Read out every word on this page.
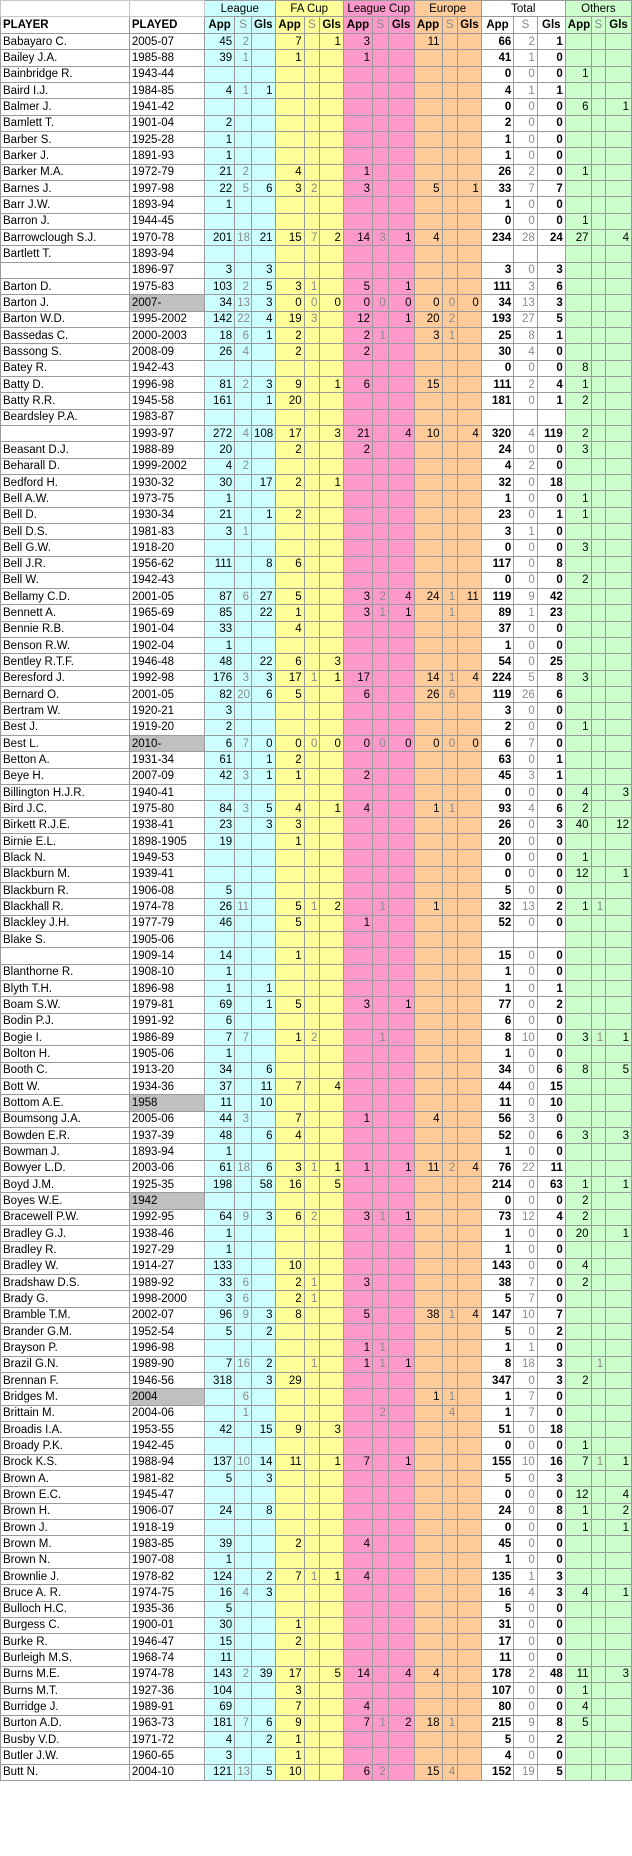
		League			FA Cup			League Cup			Europe			Total			Others		
PLAYER	PLAYED	App	S	Gls	App	S	Gls	App	S	Gls	App	S	Gls	App	S	Gls	App	S	Gls
Babayaro C.	2005-07	45	2		7		1	3			11			66	2	1			
Bailey J.A.	1985-88	39	1		1			1						41	1	0			
Bainbridge R.	1943-44													0	0	0	1		
Baird I.J.	1984-85	4	1	1										4	1	1			
Balmer J.	1941-42													0	0	0	6		1
Bamlett T.	1901-04	2												2	0	0			
Barber S.	1925-28	1												1	0	0			
Barker J.	1891-93	1												1	0	0			
Barker M.A.	1972-79	21	2		4			1						26	2	0	1		
Barnes J.	1997-98	22	5	6	3	2		3			5		1	33	7	7			
Barr J.W.	1893-94	1												1	0	0			
Barron J.	1944-45													0	0	0	1		
Barrowclough S.J.	1970-78	201	18	21	15	7	2	14	3	1	4			234	28	24	27		4
Bartlett T.	1893-94																		
	1896-97	3		3										3	0	3			
Barton D.	1975-83	103	2	5	3	1		5		1				111	3	6			
Barton J.	2007-	34	13	3	0	0	0	0	0	0	0	0	0	34	13	3			
Barton W.D.	1995-2002	142	22	4	19	3		12		1	20	2		193	27	5			
Bassedas C.	2000-2003	18	6	1	2			2	1		3	1		25	8	1			
Bassong S.	2008-09	26	4		2			2						30	4	0			
Batey R.	1942-43													0	0	0	8		
Batty D.	1996-98	81	2	3	9		1	6			15			111	2	4	1		
Batty R.R.	1945-58	161		1	20									181	0	1	2		
Beardsley P.A.	1983-87																		
	1993-97	272	4	108	17		3	21		4	10		4	320	4	119	2		
Beasant D.J.	1988-89	20			2			2						24	0	0	3		
Beharall D.	1999-2002	4	2											4	2	0			
Bedford H.	1930-32	30		17	2		1							32	0	18			
Bell A.W.	1973-75	1												1	0	0	1		
Bell D.	1930-34	21		1	2									23	0	1	1		
Bell D.S.	1981-83	3	1											3	1	0			
Bell G.W.	1918-20													0	0	0	3		
Bell J.R.	1956-62	111		8	6									117	0	8			
Bell W.	1942-43													0	0	0	2		
Bellamy C.D.	2001-05	87	6	27	5			3	2	4	24	1	11	119	9	42			
Bennett A.	1965-69	85		22	1			3	1	1		1		89	1	23			
Bennie R.B.	1901-04	33			4									37	0	0			
Benson R.W.	1902-04	1												1	0	0			
Bentley R.T.F.	1946-48	48		22	6		3							54	0	25			
Beresford J.	1992-98	176	3	3	17	1	1	17			14	1	4	224	5	8	3		
Bernard O.	2001-05	82	20	6	5			6			26	6		119	26	6			
Bertram W.	1920-21	3												3	0	0			
Best J.	1919-20	2												2	0	0	1		
Best L.	2010-	6	7	0	0	0	0	0	0	0	0	0	0	6	7	0			
Betton A.	1931-34	61		1	2									63	0	1			
Beye H.	2007-09	42	3	1	1			2						45	3	1			
Billington H.J.R.	1940-41													0	0	0	4		3
Bird J.C.	1975-80	84	3	5	4		1	4			1	1		93	4	6	2		
Birkett R.J.E.	1938-41	23		3	3									26	0	3	40		12
Birnie E.L.	1898-1905	19			1									20	0	0			
Black N.	1949-53													0	0	0	1		
Blackburn M.	1939-41													0	0	0	12		1
Blackburn R.	1906-08	5												5	0	0			
Blackhall R.	1974-78	26	11		5	1	2		1		1			32	13	2	1	1	
Blackley J.H.	1977-79	46			5			1						52	0	0			
Blake S.	1905-06																		
	1909-14	14			1									15	0	0			
Blanthorne R.	1908-10	1												1	0	0			
Blyth T.H.	1896-98	1		1										1	0	1			
Boam S.W.	1979-81	69		1	5			3		1				77	0	2			
Bodin P.J.	1991-92	6												6	0	0			
Bogie I.	1986-89	7	7		1	2			1					8	10	0	3	1	1
Bolton H.	1905-06	1												1	0	0			
Booth C.	1913-20	34		6										34	0	6	8		5
Bott W.	1934-36	37		11	7		4							44	0	15			
Bottom A.E.	1958	11		10										11	0	10			
Boumsong J.A.	2005-06	44	3		7			1			4			56	3	0			
Bowden E.R.	1937-39	48		6	4									52	0	6	3		3
Bowman J.	1893-94	1												1	0	0			
Bowyer L.D.	2003-06	61	18	6	3	1	1	1		1	11	2	4	76	22	11			
Boyd J.M.	1925-35	198		58	16		5							214	0	63	1		1
Boyes W.E.	1942													0	0	0	2		
Bracewell P.W.	1992-95	64	9	3	6	2		3	1	1				73	12	4	2		
Bradley G.J.	1938-46	1												1	0	0	20		1
Bradley R.	1927-29	1												1	0	0			
Bradley W.	1914-27	133			10									143	0	0	4		
Bradshaw D.S.	1989-92	33	6		2	1		3						38	7	0	2		
Brady G.	1998-2000	3	6		2	1								5	7	0			
Bramble T.M.	2002-07	96	9	3	8			5			38	1	4	147	10	7			
Brander G.M.	1952-54	5		2										5	0	2			
Brayson P.	1996-98							1	1					1	1	0			
Brazil G.N.	1989-90	7	16	2		1		1	1	1				8	18	3		1	
Brennan F.	1946-56	318		3	29									347	0	3	2		
Bridges M.	2004		6								1	1		1	7	0			
Brittain M.	2004-06		1						2			4		1	7	0			
Broadis I.A.	1953-55	42		15	9		3							51	0	18			
Broady P.K.	1942-45													0	0	0	1		
Brock K.S.	1988-94	137	10	14	11		1	7		1				155	10	16	7	1	1
Brown A.	1981-82	5		3										5	0	3			
Brown E.C.	1945-47													0	0	0	12		4
Brown H.	1906-07	24		8										24	0	8	1		2
Brown J.	1918-19													0	0	0	1		1
Brown M.	1983-85	39			2			4						45	0	0			
Brown N.	1907-08	1												1	0	0			
Brownlie J.	1978-82	124		2	7	1	1	4						135	1	3			
Bruce A. R.	1974-75	16	4	3										16	4	3	4		1
Bulloch H.C.	1935-36	5												5	0	0			
Burgess C.	1900-01	30			1									31	0	0			
Burke R.	1946-47	15			2									17	0	0			
Burleigh M.S.	1968-74	11												11	0	0			
Burns M.E.	1974-78	143	2	39	17		5	14		4	4			178	2	48	11		3
Burns M.T.	1927-36	104			3									107	0	0	1		
Burridge J.	1989-91	69			7			4						80	0	0	4		
Burton A.D.	1963-73	181	7	6	9			7	1	2	18	1		215	9	8	5		
Busby V.D.	1971-72	4		2	1									5	0	2			
Butler J.W.	1960-65	3			1									4	0	0			
Butt N.	2004-10	121	13	5	10			6	2		15	4		152	19	5			
